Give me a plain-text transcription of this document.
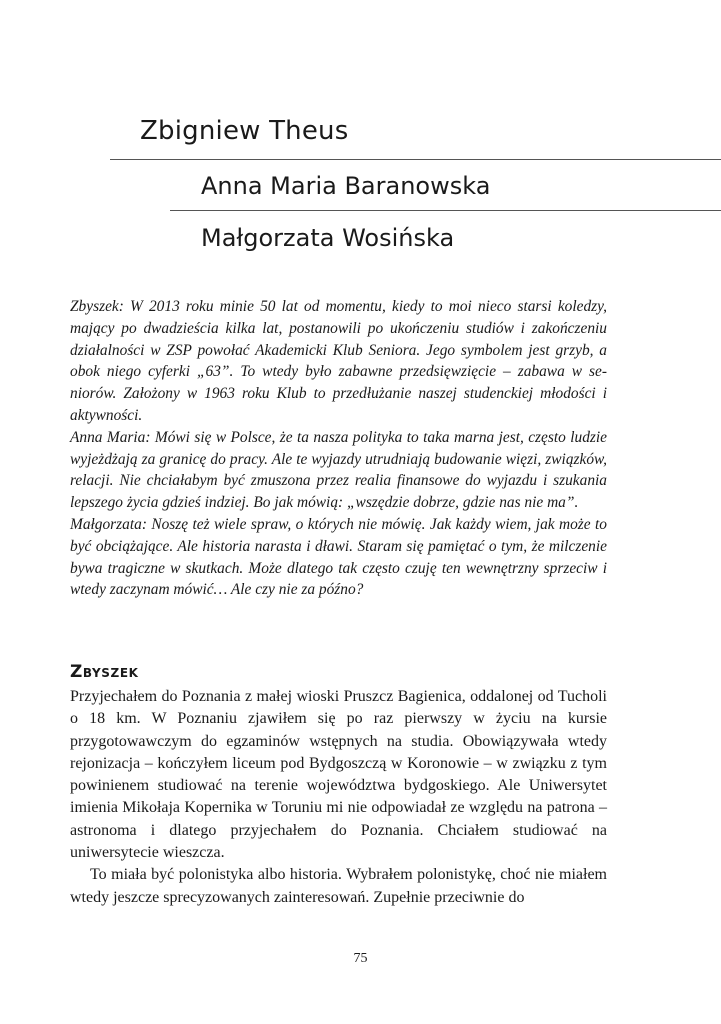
Zbigniew Theus
Anna Maria Baranowska
Małgorzata Wosińska

Zbyszek: W 2013 roku minie 50 lat od momentu, kiedy to moi nieco starsi koledzy, mający po dwadzieścia kilka lat, postanowili po ukończeniu studiów i zakończeniu działalności w ZSP powołać Akademicki Klub Seniora. Jego symbolem jest grzyb, a obok niego cyferki „63”. To wtedy było zabawne przedsięwzięcie – zabawa w seniorów. Założony w 1963 roku Klub to przedłużanie naszej studenckiej młodości i aktywności.

Anna Maria: Mówi się w Polsce, że ta nasza polityka to taka marna jest, często ludzie wyjeżdżają za granicę do pracy. Ale te wyjazdy utrudniają budowanie więzi, związków, relacji. Nie chciałabym być zmuszona przez realia finansowe do wyjazdu i szukania lepszego życia gdzieś indziej. Bo jak mówią: „wszędzie dobrze, gdzie nas nie ma”.

Małgorzata: Noszę też wiele spraw, o których nie mówię. Jak każdy wiem, jak może to być obciążające. Ale historia narasta i dławi. Staram się pamiętać o tym, że milczenie bywa tragiczne w skutkach. Może dlatego tak często czuję ten wewnętrzny sprzeciw i wtedy zaczynam mówić… Ale czy nie za późno?

Zbyszek

Przyjechałem do Poznania z małej wioski Pruszcz Bagienica, oddalonej od Tucholi o 18 km. W Poznaniu zjawiłem się po raz pierwszy w życiu na kursie przygotowawczym do egzaminów wstępnych na studia. Obowiązywała wtedy rejonizacja – kończyłem liceum pod Bydgoszczą w Koronowie – w związku z tym powinienem studiować na terenie województwa bydgoskiego. Ale Uniwersytet imienia Mikołaja Kopernika w Toruniu mi nie odpowiadał ze względu na patrona – astronoma i dlatego przyjechałem do Poznania. Chciałem studiować na uniwersytecie wieszcza.

To miała być polonistyka albo historia. Wybrałem polonistykę, choć nie miałem wtedy jeszcze sprecyzowanych zainteresowań. Zupełnie przeciwnie do

75
